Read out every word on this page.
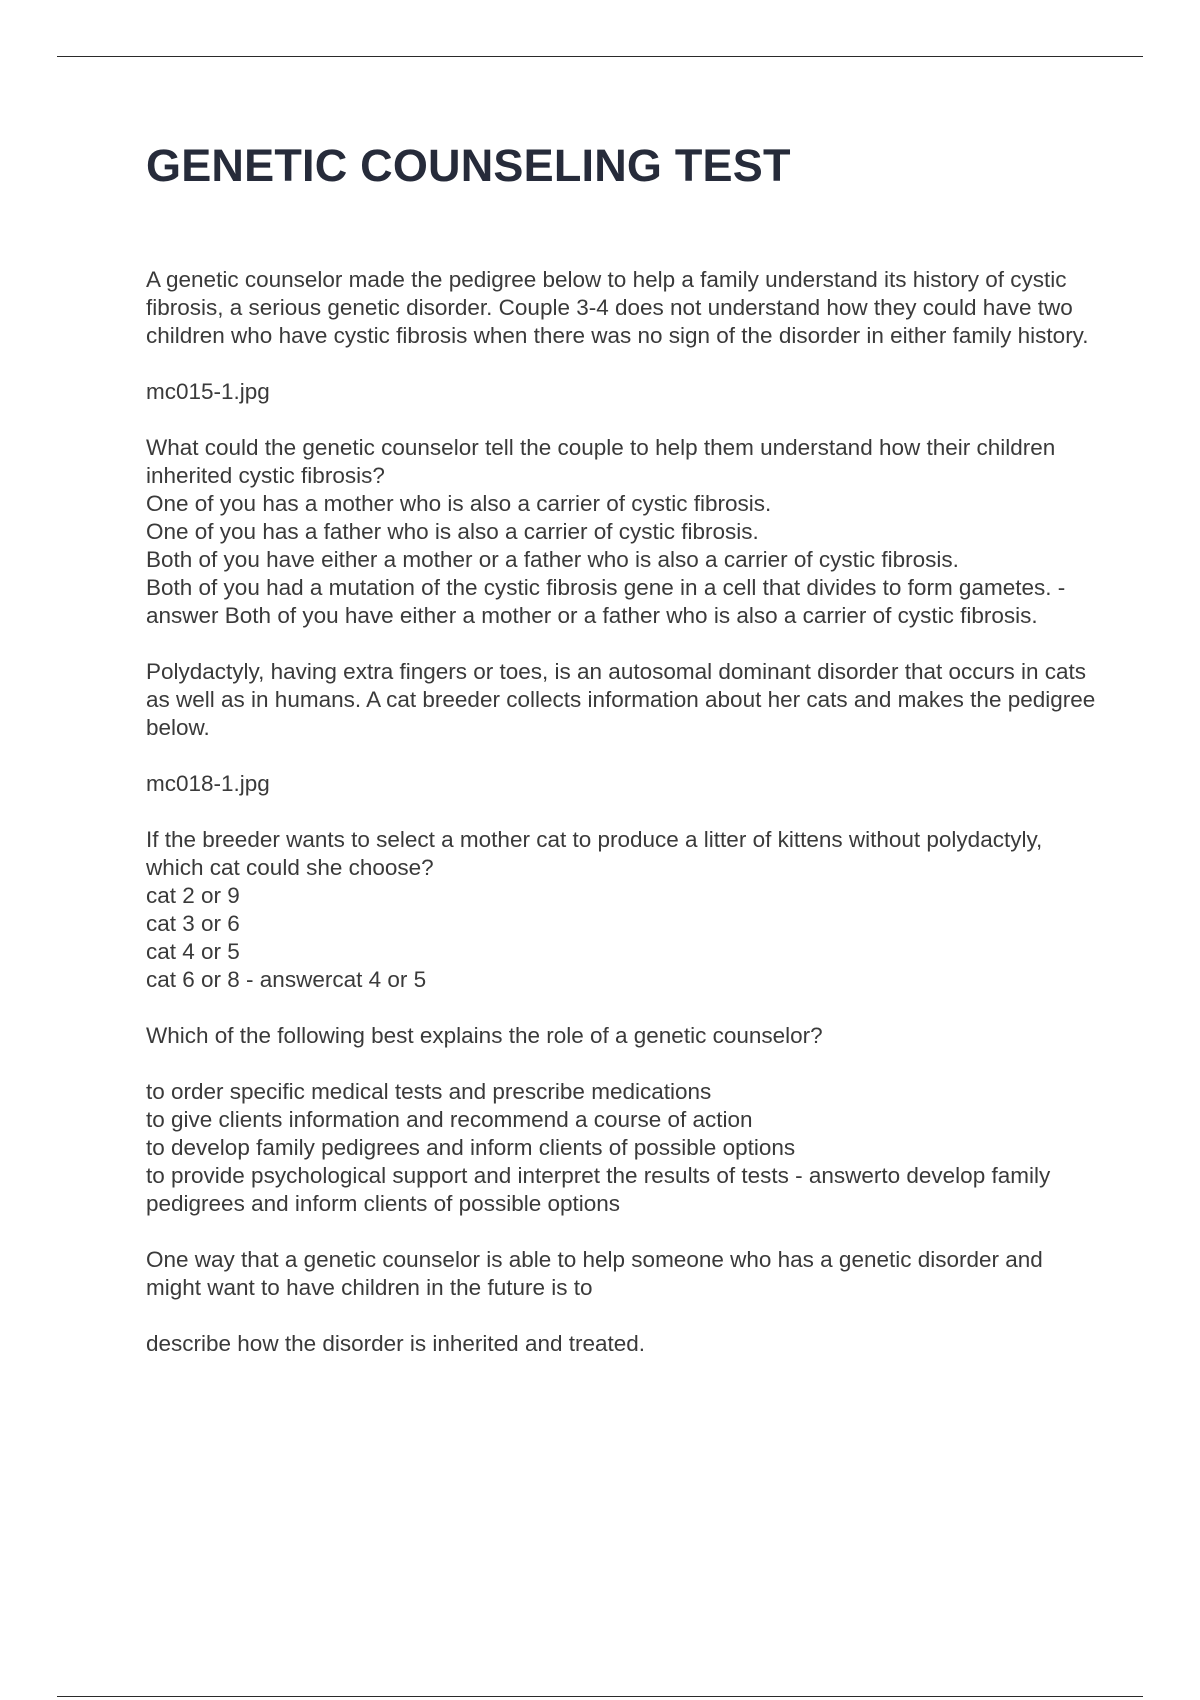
GENETIC COUNSELING TEST

A genetic counselor made the pedigree below to help a family understand its history of cystic fibrosis, a serious genetic disorder. Couple 3-4 does not understand how they could have two children who have cystic fibrosis when there was no sign of the disorder in either family history.

mc015-1.jpg

What could the genetic counselor tell the couple to help them understand how their children inherited cystic fibrosis?
One of you has a mother who is also a carrier of cystic fibrosis.
One of you has a father who is also a carrier of cystic fibrosis.
Both of you have either a mother or a father who is also a carrier of cystic fibrosis.
Both of you had a mutation of the cystic fibrosis gene in a cell that divides to form gametes. - answer Both of you have either a mother or a father who is also a carrier of cystic fibrosis.

Polydactyly, having extra fingers or toes, is an autosomal dominant disorder that occurs in cats as well as in humans. A cat breeder collects information about her cats and makes the pedigree below.

mc018-1.jpg

If the breeder wants to select a mother cat to produce a litter of kittens without polydactyly, which cat could she choose?
cat 2 or 9
cat 3 or 6
cat 4 or 5
cat 6 or 8 - answercat 4 or 5

Which of the following best explains the role of a genetic counselor?

to order specific medical tests and prescribe medications
to give clients information and recommend a course of action
to develop family pedigrees and inform clients of possible options
to provide psychological support and interpret the results of tests - answerto develop family pedigrees and inform clients of possible options

One way that a genetic counselor is able to help someone who has a genetic disorder and might want to have children in the future is to

describe how the disorder is inherited and treated.
